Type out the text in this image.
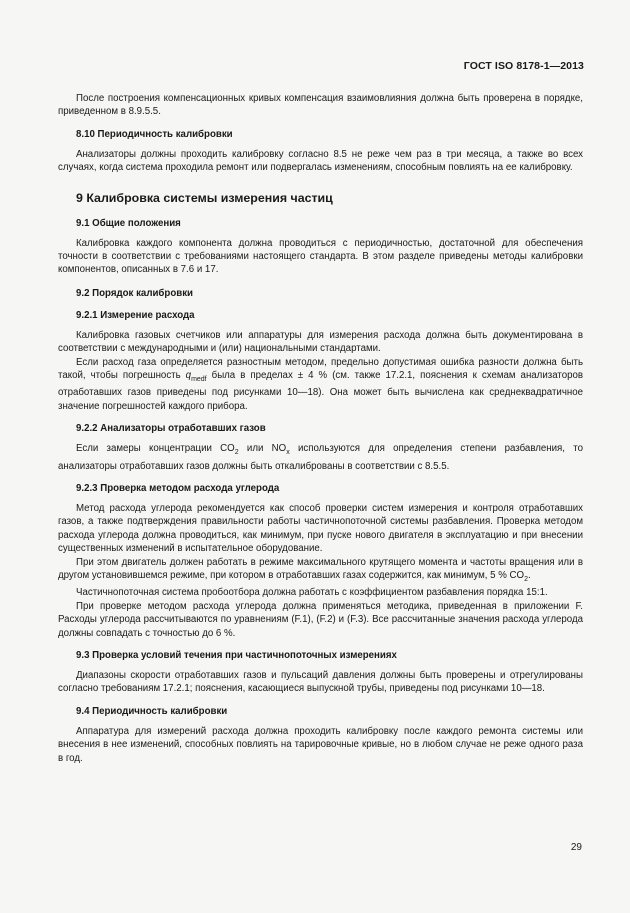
ГОСТ ISO 8178-1—2013

После построения компенсационных кривых компенсация взаимовлияния должна быть проверена в порядке, приведенном в 8.9.5.5.

8.10 Периодичность калибровки

Анализаторы должны проходить калибровку согласно 8.5 не реже чем раз в три месяца, а также во всех случаях, когда система проходила ремонт или подвергалась изменениям, способным повлиять на ее калибровку.

9 Калибровка системы измерения частиц
9.1 Общие положения

Калибровка каждого компонента должна проводиться с периодичностью, достаточной для обеспечения точности в соответствии с требованиями настоящего стандарта. В этом разделе приведены методы калибровки компонентов, описанных в 7.6 и 17.

9.2 Порядок калибровки
9.2.1 Измерение расхода

Калибровка газовых счетчиков или аппаратуры для измерения расхода должна быть документирована в соответствии с международными и (или) национальными стандартами.

Если расход газа определяется разностным методом, предельно допустимая ошибка разности должна быть такой, чтобы погрешность $q_{medf}$ была в пределах ± 4 % (см. также 17.2.1, пояснения к схемам анализаторов отработавших газов приведены под рисунками 10—18). Она может быть вычислена как среднеквадратичное значение погрешностей каждого прибора.

9.2.2 Анализаторы отработавших газов

Если замеры концентрации $CO_2$ или $NO_x$ используются для определения степени разбавления, то анализаторы отработавших газов должны быть откалиброваны в соответствии с 8.5.5.

9.2.3 Проверка методом расхода углерода

Метод расхода углерода рекомендуется как способ проверки систем измерения и контроля отработавших газов, а также подтверждения правильности работы частичнопоточной системы разбавления. Проверка методом расхода углерода должна проводиться, как минимум, при пуске нового двигателя в эксплуатацию и при внесении существенных изменений в испытательное оборудование.

При этом двигатель должен работать в режиме максимального крутящего момента и частоты вращения или в другом установившемся режиме, при котором в отработавших газах содержится, как минимум, 5 % $CO_2$.

Частичнопоточная система пробоотбора должна работать с коэффициентом разбавления порядка 15:1.

При проверке методом расхода углерода должна применяться методика, приведенная в приложении F. Расходы углерода рассчитываются по уравнениям (F.1), (F.2) и (F.3). Все рассчитанные значения расхода углерода должны совпадать с точностью до 6 %.

9.3 Проверка условий течения при частичнопоточных измерениях

Диапазоны скорости отработавших газов и пульсаций давления должны быть проверены и отрегулированы согласно требованиям 17.2.1; пояснения, касающиеся выпускной трубы, приведены под рисунками 10—18.

9.4 Периодичность калибровки

Аппаратура для измерений расхода должна проходить калибровку после каждого ремонта системы или внесения в нее изменений, способных повлиять на тарировочные кривые, но в любом случае не реже одного раза в год.

29
